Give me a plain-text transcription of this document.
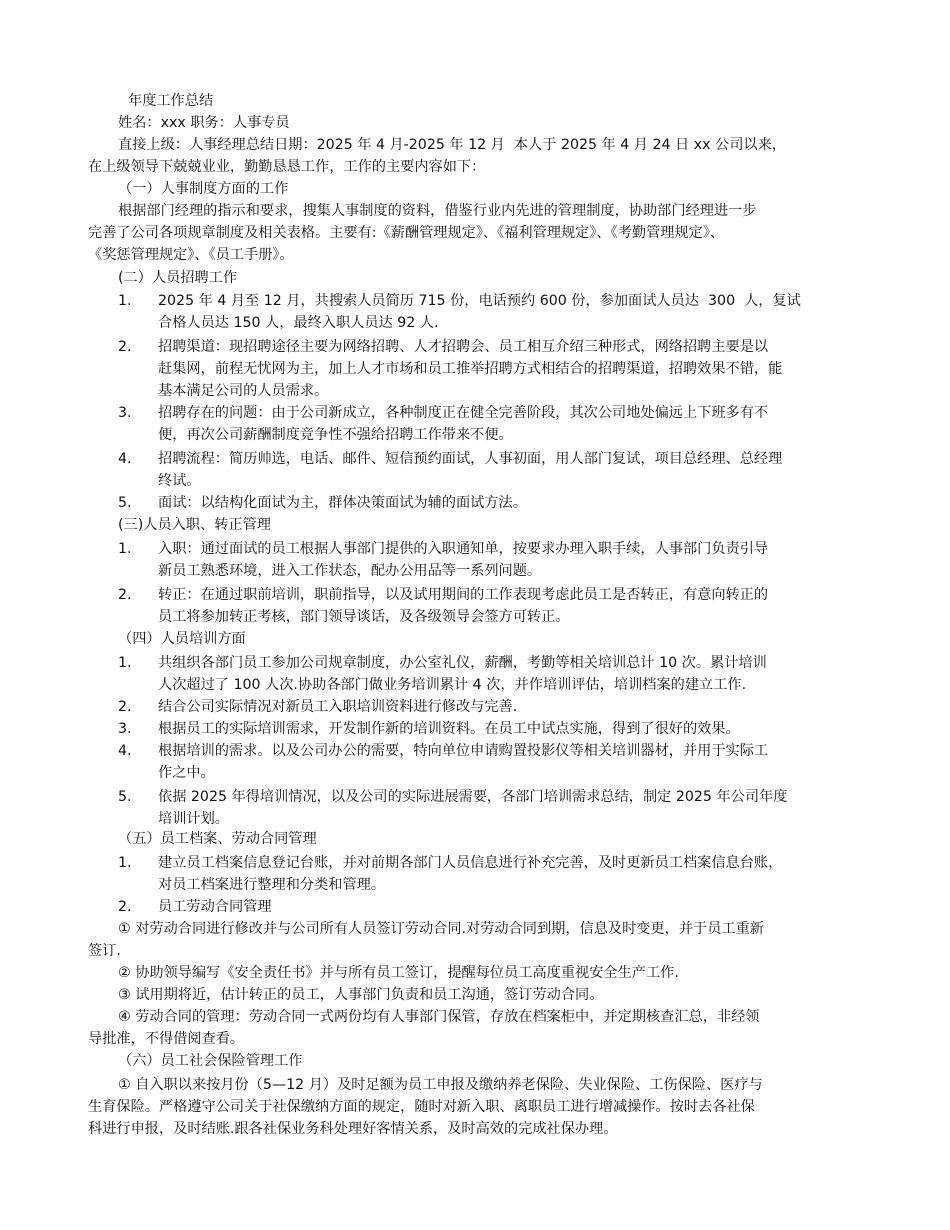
年度工作总结
姓名：xxx 职务：人事专员
直接上级：人事经理总结日期：2025 年 4 月-2025 年 12 月  本人于 2025 年 4 月 24 日 xx 公司以来，
在上级领导下兢兢业业，勤勤恳恳工作，工作的主要内容如下：
（一）人事制度方面的工作
根据部门经理的指示和要求，搜集人事制度的资料，借鉴行业内先进的管理制度，协助部门经理进一步
完善了公司各项规章制度及相关表格。主要有:《薪酬管理规定》、《福利管理规定》、《考勤管理规定》、
《奖惩管理规定》、《员工手册》。
(二）人员招聘工作
1. 2025 年 4 月至 12 月，共搜索人员简历 715 份，电话预约 600 份，参加面试人员达  300  人，复试
合格人员达 150 人，最终入职人员达 92 人.
2. 招聘渠道：现招聘途径主要为网络招聘、人才招聘会、员工相互介绍三种形式，网络招聘主要是以
赶集网，前程无忧网为主，加上人才市场和员工推举招聘方式相结合的招聘渠道，招聘效果不错，能
基本满足公司的人员需求。
3. 招聘存在的问题：由于公司新成立，各种制度正在健全完善阶段，其次公司地处偏远上下班多有不
便，再次公司薪酬制度竞争性不强给招聘工作带来不便。
4. 招聘流程：简历帅选，电话、邮件、短信预约面试，人事初面，用人部门复试，项目总经理、总经理
终试。
5. 面试：以结构化面试为主，群体决策面试为辅的面试方法。
(三)人员入职、转正管理
1. 入职：通过面试的员工根据人事部门提供的入职通知单，按要求办理入职手续，人事部门负责引导
新员工熟悉环境，进入工作状态，配办公用品等一系列问题。
2. 转正：在通过职前培训，职前指导，以及试用期间的工作表现考虑此员工是否转正，有意向转正的
员工将参加转正考核，部门领导谈话，及各级领导会签方可转正。
（四）人员培训方面
1. 共组织各部门员工参加公司规章制度，办公室礼仪，薪酬，考勤等相关培训总计 10 次。累计培训
人次超过了 100 人次.协助各部门做业务培训累计 4 次，并作培训评估，培训档案的建立工作.
2. 结合公司实际情况对新员工入职培训资料进行修改与完善.
3. 根据员工的实际培训需求，开发制作新的培训资料。在员工中试点实施，得到了很好的效果。
4. 根据培训的需求。以及公司办公的需要，特向单位申请购置投影仪等相关培训器材，并用于实际工
作之中。
5. 依据 2025 年得培训情况，以及公司的实际进展需要，各部门培训需求总结，制定 2025 年公司年度
培训计划。
（五）员工档案、劳动合同管理
1. 建立员工档案信息登记台账，并对前期各部门人员信息进行补充完善，及时更新员工档案信息台账，
对员工档案进行整理和分类和管理。
2. 员工劳动合同管理
① 对劳动合同进行修改并与公司所有人员签订劳动合同.对劳动合同到期，信息及时变更，并于员工重新
签订.
② 协助领导编写《安全责任书》并与所有员工签订，提醒每位员工高度重视安全生产工作.
③ 试用期将近，估计转正的员工，人事部门负责和员工沟通，签订劳动合同。
④ 劳动合同的管理：劳动合同一式两份均有人事部门保管，存放在档案柜中，并定期核查汇总，非经领
导批准，不得借阅查看。
（六）员工社会保险管理工作
① 自入职以来按月份（5—12 月）及时足额为员工申报及缴纳养老保险、失业保险、工伤保险、医疗与
生育保险。严格遵守公司关于社保缴纳方面的规定，随时对新入职、离职员工进行增减操作。按时去各社保
科进行申报，及时结账.跟各社保业务科处理好客情关系，及时高效的完成社保办理。
